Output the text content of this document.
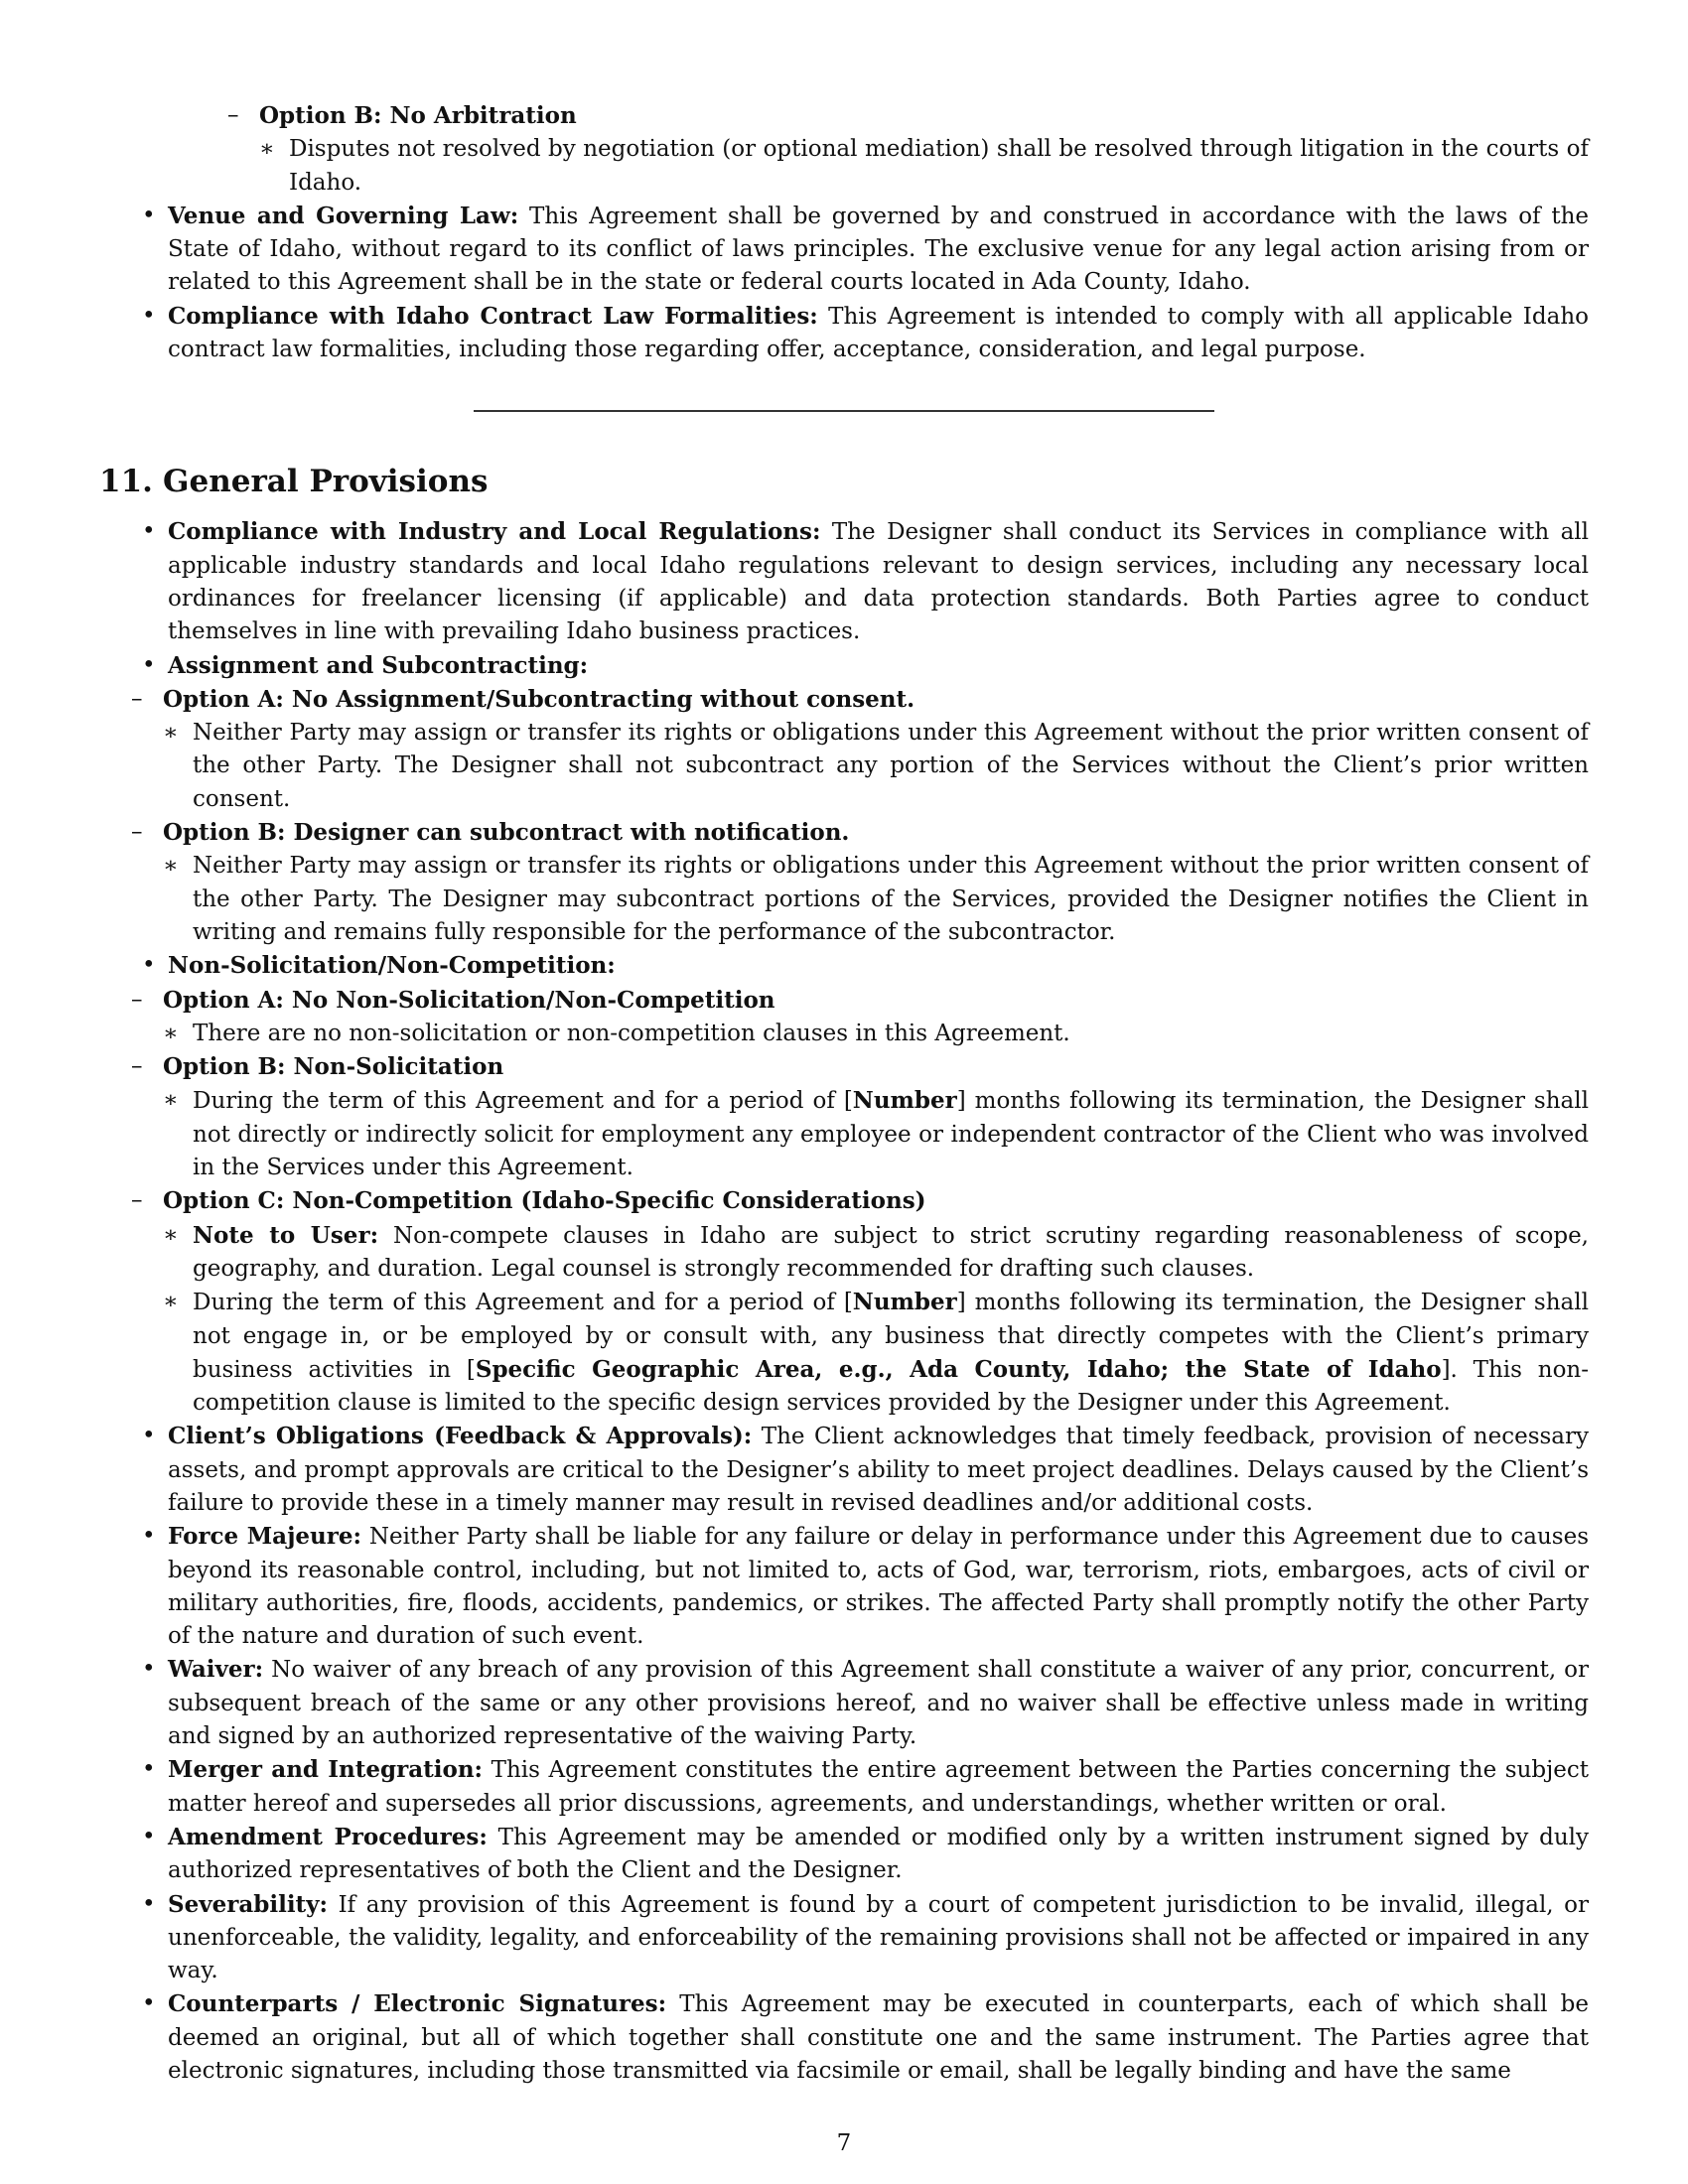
– Option B: No Arbitration
∗ Disputes not resolved by negotiation (or optional mediation) shall be resolved through litigation in the courts of Idaho.
• Venue and Governing Law: This Agreement shall be governed by and construed in accordance with the laws of the State of Idaho, without regard to its conflict of laws principles. The exclusive venue for any legal action arising from or related to this Agreement shall be in the state or federal courts located in Ada County, Idaho.
• Compliance with Idaho Contract Law Formalities: This Agreement is intended to comply with all applicable Idaho contract law formalities, including those regarding offer, acceptance, consideration, and legal purpose.
11. General Provisions
• Compliance with Industry and Local Regulations: The Designer shall conduct its Services in compliance with all applicable industry standards and local Idaho regulations relevant to design services, including any necessary local ordinances for freelancer licensing (if applicable) and data protection standards. Both Parties agree to conduct themselves in line with prevailing Idaho business practices.
• Assignment and Subcontracting:
– Option A: No Assignment/Subcontracting without consent.
∗ Neither Party may assign or transfer its rights or obligations under this Agreement without the prior written consent of the other Party. The Designer shall not subcontract any portion of the Services without the Client’s prior written consent.
– Option B: Designer can subcontract with notification.
∗ Neither Party may assign or transfer its rights or obligations under this Agreement without the prior written consent of the other Party. The Designer may subcontract portions of the Services, provided the Designer notifies the Client in writing and remains fully responsible for the performance of the subcontractor.
• Non-Solicitation/Non-Competition:
– Option A: No Non-Solicitation/Non-Competition
∗ There are no non-solicitation or non-competition clauses in this Agreement.
– Option B: Non-Solicitation
∗ During the term of this Agreement and for a period of [Number] months following its termination, the Designer shall not directly or indirectly solicit for employment any employee or independent contractor of the Client who was involved in the Services under this Agreement.
– Option C: Non-Competition (Idaho-Specific Considerations)
∗ Note to User: Non-compete clauses in Idaho are subject to strict scrutiny regarding reasonableness of scope, geography, and duration. Legal counsel is strongly recommended for drafting such clauses.
∗ During the term of this Agreement and for a period of [Number] months following its termination, the Designer shall not engage in, or be employed by or consult with, any business that directly competes with the Client’s primary business activities in [Specific Geographic Area, e.g., Ada County, Idaho; the State of Idaho]. This non-competition clause is limited to the specific design services provided by the Designer under this Agreement.
• Client’s Obligations (Feedback & Approvals): The Client acknowledges that timely feedback, provision of necessary assets, and prompt approvals are critical to the Designer’s ability to meet project deadlines. Delays caused by the Client’s failure to provide these in a timely manner may result in revised deadlines and/or additional costs.
• Force Majeure: Neither Party shall be liable for any failure or delay in performance under this Agreement due to causes beyond its reasonable control, including, but not limited to, acts of God, war, terrorism, riots, embargoes, acts of civil or military authorities, fire, floods, accidents, pandemics, or strikes. The affected Party shall promptly notify the other Party of the nature and duration of such event.
• Waiver: No waiver of any breach of any provision of this Agreement shall constitute a waiver of any prior, concurrent, or subsequent breach of the same or any other provisions hereof, and no waiver shall be effective unless made in writing and signed by an authorized representative of the waiving Party.
• Merger and Integration: This Agreement constitutes the entire agreement between the Parties concerning the subject matter hereof and supersedes all prior discussions, agreements, and understandings, whether written or oral.
• Amendment Procedures: This Agreement may be amended or modified only by a written instrument signed by duly authorized representatives of both the Client and the Designer.
• Severability: If any provision of this Agreement is found by a court of competent jurisdiction to be invalid, illegal, or unenforceable, the validity, legality, and enforceability of the remaining provisions shall not be affected or impaired in any way.
• Counterparts / Electronic Signatures: This Agreement may be executed in counterparts, each of which shall be deemed an original, but all of which together shall constitute one and the same instrument. The Parties agree that electronic signatures, including those transmitted via facsimile or email, shall be legally binding and have the same
7
